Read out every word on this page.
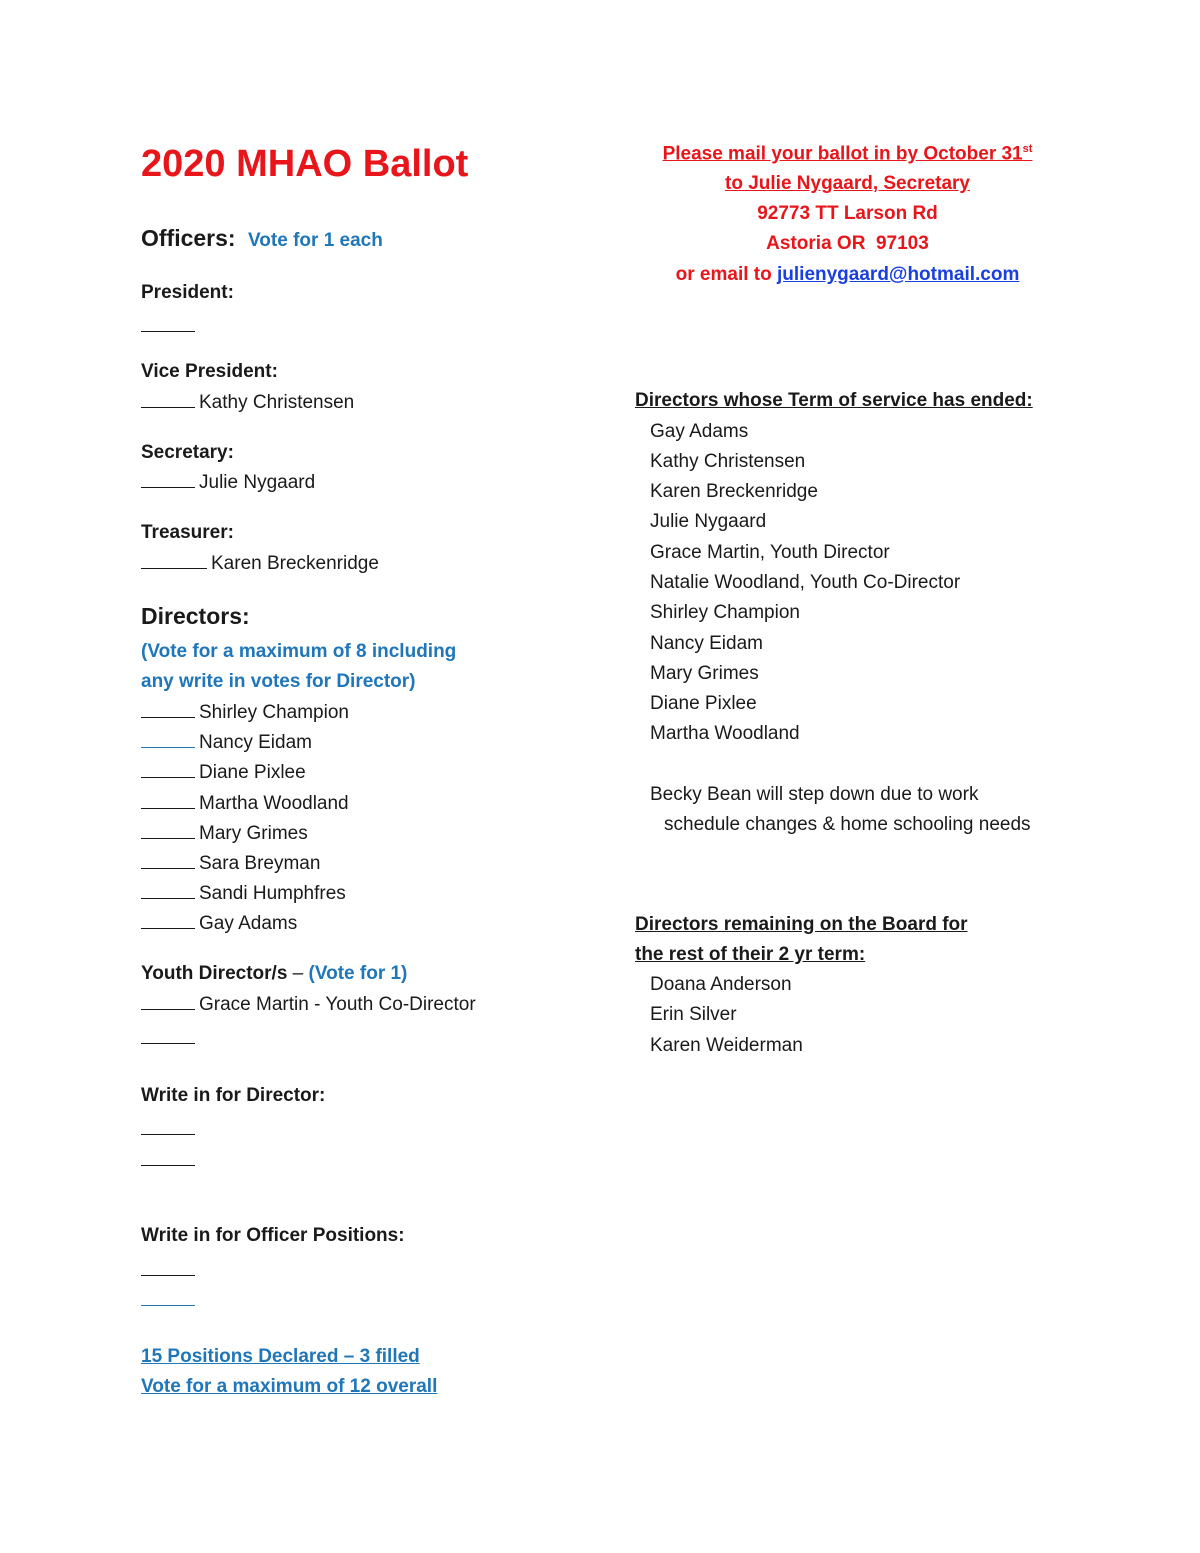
2020 MHAO Ballot
Officers: Vote for 1 each
President:
Vice President:
Kathy Christensen
Secretary:
Julie Nygaard
Treasurer:
Karen Breckenridge
Directors:
(Vote for a maximum of 8 including
any write in votes for Director)
Shirley Champion
Nancy Eidam
Diane Pixlee
Martha Woodland
Mary Grimes
Sara Breyman
Sandi Humphfres
Gay Adams
Youth Director/s – (Vote for 1)
Grace Martin - Youth Co-Director
Write in for Director:
Write in for Officer Positions:
15 Positions Declared – 3 filled
Vote for a maximum of 12 overall
Please mail your ballot in by October 31st
to Julie Nygaard, Secretary
92773 TT Larson Rd
Astoria OR  97103
or email to julienygaard@hotmail.com
Directors whose Term of service has ended:
Gay Adams
Kathy Christensen
Karen Breckenridge
Julie Nygaard
Grace Martin, Youth Director
Natalie Woodland, Youth Co-Director
Shirley Champion
Nancy Eidam
Mary Grimes
Diane Pixlee
Martha Woodland
Becky Bean will step down due to work
schedule changes & home schooling needs
Directors remaining on the Board for
the rest of their 2 yr term:
Doana Anderson
Erin Silver
Karen Weiderman
